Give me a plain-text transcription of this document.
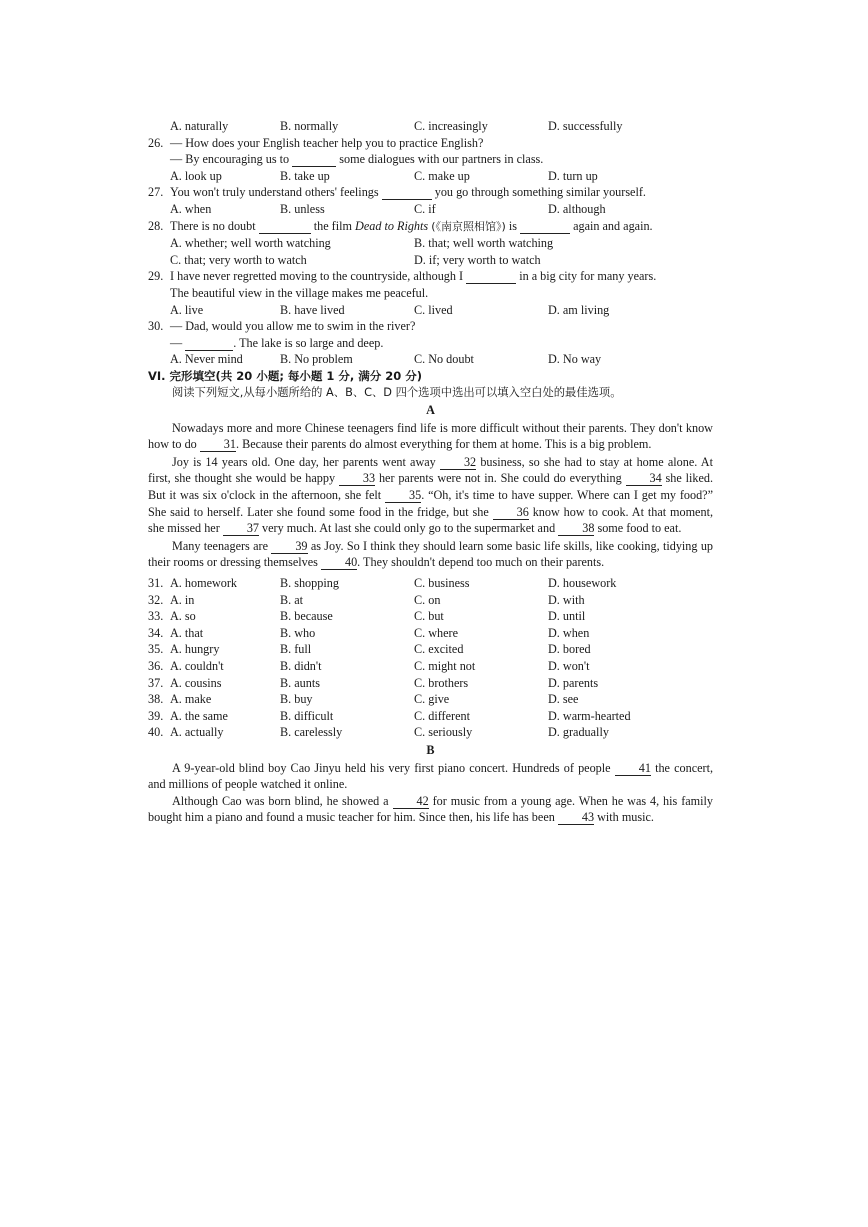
A. naturally	B. normally	C. increasingly	D. successfully
26. — How does your English teacher help you to practice English?
— By encouraging us to	some dialogues with our partners in class.
A. look up	B. take up	C. make up	D. turn up
27. You won't truly understand others' feelings	you go through something similar yourself.
A. when	B. unless	C. if	D. although
28. There is no doubt	the film Dead to Rights (《南京照相馆》) is	again and again.
A. whether; well worth watching	B. that; well worth watching
C. that; very worth to watch	D. if; very worth to watch
29. I have never regretted moving to the countryside, although I	in a big city for many years.
The beautiful view in the village makes me peaceful.
A. live	B. have lived	C. lived	D. am living
30. — Dad, would you allow me to swim in the river?
—	. The lake is so large and deep.
A. Never mind	B. No problem	C. No doubt	D. No way
VI. 完形填空(共 20 小题; 每小题 1 分, 满分 20 分)
阅读下列短文,从每小题所给的 A、B、C、D 四个选项中选出可以填入空白处的最佳选项。
A

Nowadays more and more Chinese teenagers find life is more difficult without their parents. They don't know how to do 31. Because their parents do almost everything for them at home. This is a big problem.

Joy is 14 years old. One day, her parents went away 32 business, so she had to stay at home alone. At first, she thought she would be happy 33 her parents were not in. She could do everything 34 she liked. But it was six o'clock in the afternoon, she felt 35. “Oh, it's time to have supper. Where can I get my food?” She said to herself. Later she found some food in the fridge, but she 36 know how to cook. At that moment, she missed her 37 very much. At last she could only go to the supermarket and 38 some food to eat.

Many teenagers are 39 as Joy. So I think they should learn some basic life skills, like cooking, tidying up their rooms or dressing themselves 40. They shouldn't depend too much on their parents.

31. A. homework	B. shopping	C. business	D. housework
32. A. in	B. at	C. on	D. with
33. A. so	B. because	C. but	D. until
34. A. that	B. who	C. where	D. when
35. A. hungry	B. full	C. excited	D. bored
36. A. couldn't	B. didn't	C. might not	D. won't
37. A. cousins	B. aunts	C. brothers	D. parents
38. A. make	B. buy	C. give	D. see
39. A. the same	B. difficult	C. different	D. warm-hearted
40. A. actually	B. carelessly	C. seriously	D. gradually
B

A 9-year-old blind boy Cao Jinyu held his very first piano concert. Hundreds of people 41 the concert, and millions of people watched it online.

Although Cao was born blind, he showed a 42 for music from a young age. When he was 4, his family bought him a piano and found a music teacher for him. Since then, his life has been 43 with music.
